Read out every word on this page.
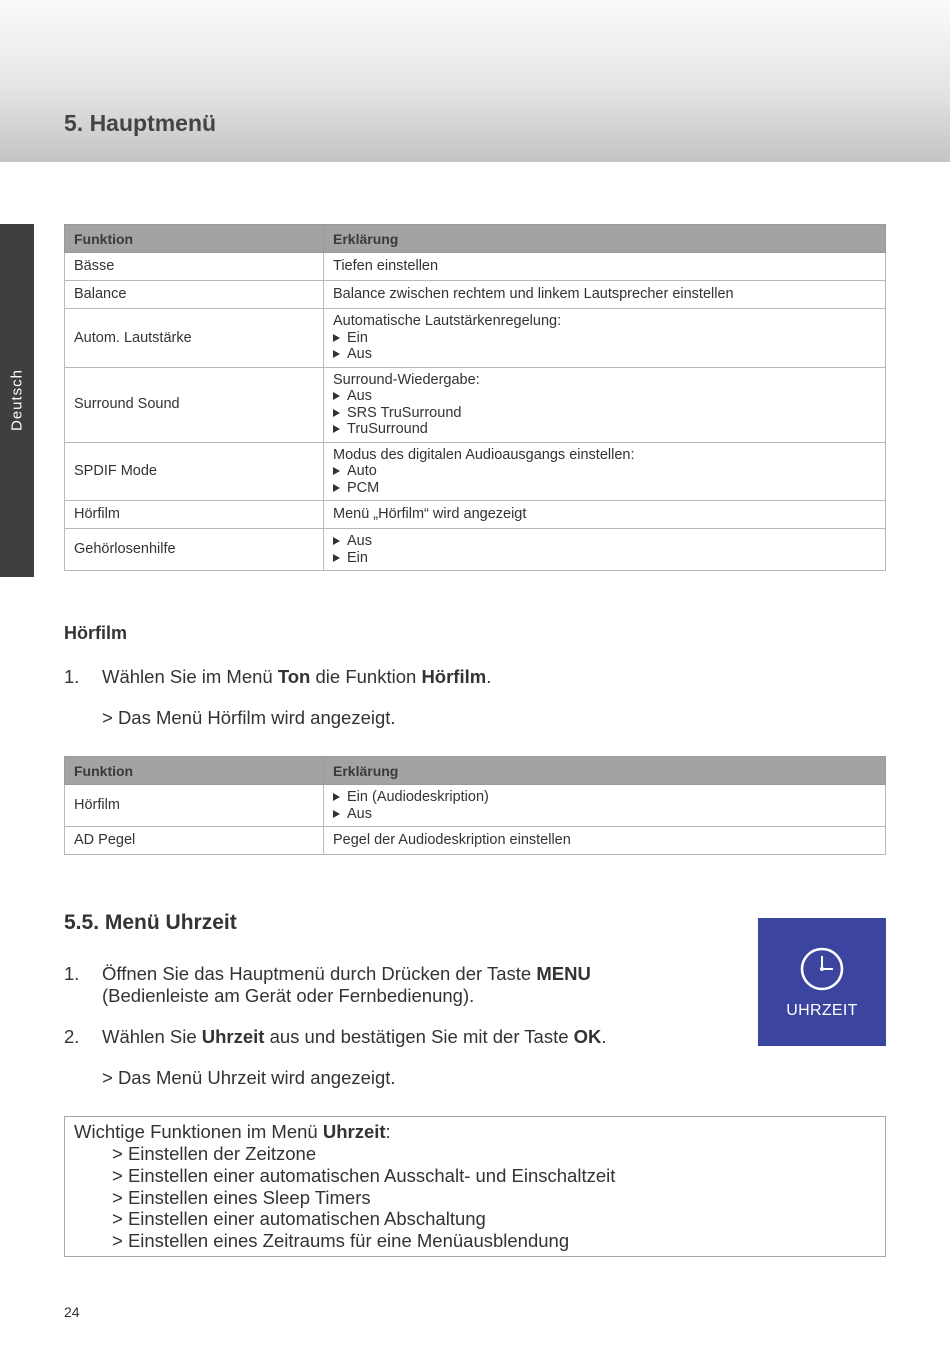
5. Hauptmenü
Deutsch
Funktion	Erklärung
Bässe	Tiefen einstellen

Balance	Balance zwischen rechtem und linkem Lautsprecher einstellen

Autom. Lautstärke	Automatische Lautstärkenregelung:
Ein
Aus

Surround Sound	Surround-Wiedergabe:
Aus
SRS TruSurround
TruSurround

SPDIF Mode	Modus des digitalen Audioausgangs einstellen:
Auto
PCM

Hörfilm	Menü „Hörfilm“ wird angezeigt

Gehörlosenhilfe	Aus
Ein
Hörfilm
1. Wählen Sie im Menü Ton die Funktion Hörfilm.
> Das Menü Hörfilm wird angezeigt.
Funktion	Erklärung
Hörfilm	Ein (Audiodeskription)
Aus

AD Pegel	Pegel der Audiodeskription einstellen
5.5. Menü Uhrzeit
1. Öffnen Sie das Hauptmenü durch Drücken der Taste MENU
(Bedienleiste am Gerät oder Fernbedienung).
2. Wählen Sie Uhrzeit aus und bestätigen Sie mit der Taste OK.
> Das Menü Uhrzeit wird angezeigt.
UHRZEIT
Wichtige Funktionen im Menü Uhrzeit:
> Einstellen der Zeitzone
> Einstellen einer automatischen Ausschalt- und Einschaltzeit
> Einstellen eines Sleep Timers
> Einstellen einer automatischen Abschaltung
> Einstellen eines Zeitraums für eine Menüausblendung
24
